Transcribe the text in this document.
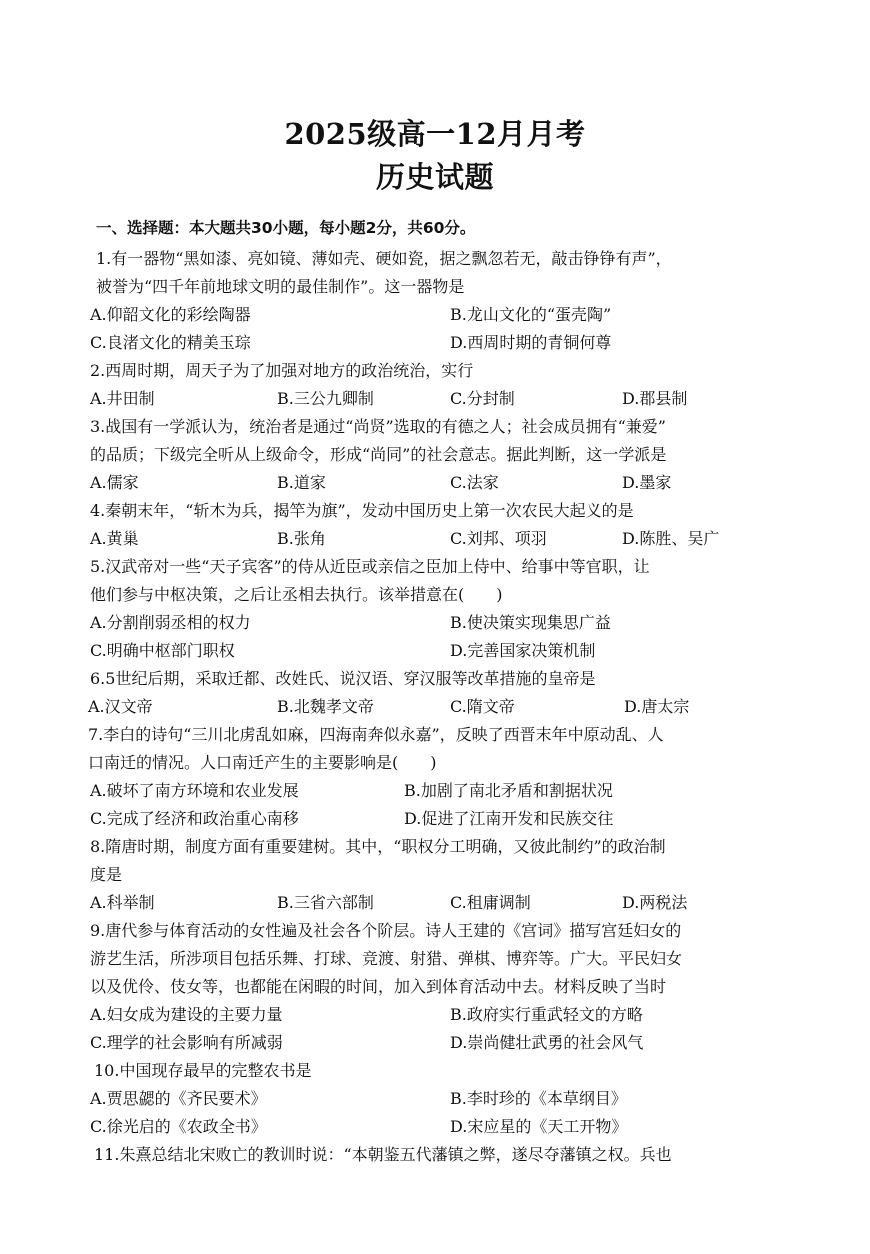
2025级高一12月月考
历史试题
一、选择题：本大题共30小题，每小题2分，共60分。
1.有一器物“黑如漆、亮如镜、薄如壳、硬如瓷，据之飘忽若无，敲击铮铮有声”，
被誉为“四千年前地球文明的最佳制作”。这一器物是
A.仰韶文化的彩绘陶器	B.龙山文化的“蛋壳陶”
C.良渚文化的精美玉琮	D.西周时期的青铜何尊
2.西周时期，周天子为了加强对地方的政治统治，实行
A.井田制	B.三公九卿制	C.分封制	D.郡县制
3.战国有一学派认为，统治者是通过“尚贤”选取的有德之人；社会成员拥有“兼爱”
的品质；下级完全听从上级命令，形成“尚同”的社会意志。据此判断，这一学派是
A.儒家	B.道家	C.法家	D.墨家
4.秦朝末年，“斩木为兵，揭竿为旗”，发动中国历史上第一次农民大起义的是
A.黄巢	B.张角	C.刘邦、项羽	D.陈胜、吴广
5.汉武帝对一些“天子宾客”的侍从近臣或亲信之臣加上侍中、给事中等官职，让
他们参与中枢决策，之后让丞相去执行。该举措意在(　　)
A.分割削弱丞相的权力	B.使决策实现集思广益
C.明确中枢部门职权	D.完善国家决策机制
6.5世纪后期，采取迁都、改姓氏、说汉语、穿汉服等改革措施的皇帝是
A.汉文帝	B.北魏孝文帝	C.隋文帝	D.唐太宗
7.李白的诗句“三川北虏乱如麻，四海南奔似永嘉”，反映了西晋末年中原动乱、人
口南迁的情况。人口南迁产生的主要影响是(　　)
A.破坏了南方环境和农业发展	B.加剧了南北矛盾和割据状况
C.完成了经济和政治重心南移	D.促进了江南开发和民族交往
8.隋唐时期，制度方面有重要建树。其中，“职权分工明确，又彼此制约”的政治制
度是
A.科举制	B.三省六部制	C.租庸调制	D.两税法
9.唐代参与体育活动的女性遍及社会各个阶层。诗人王建的《宫词》描写宫廷妇女的
游艺生活，所涉项目包括乐舞、打球、竞渡、射猎、弹棋、博弈等。广大。平民妇女
以及优伶、伎女等，也都能在闲暇的时间，加入到体育活动中去。材料反映了当时
A.妇女成为建设的主要力量	B.政府实行重武轻文的方略
C.理学的社会影响有所减弱	D.崇尚健壮武勇的社会风气
10.中国现存最早的完整农书是
A.贾思勰的《齐民要术》	B.李时珍的《本草纲目》
C.徐光启的《农政全书》	D.宋应星的《天工开物》
11.朱熹总结北宋败亡的教训时说：“本朝鉴五代藩镇之弊，遂尽夺藩镇之权。兵也
